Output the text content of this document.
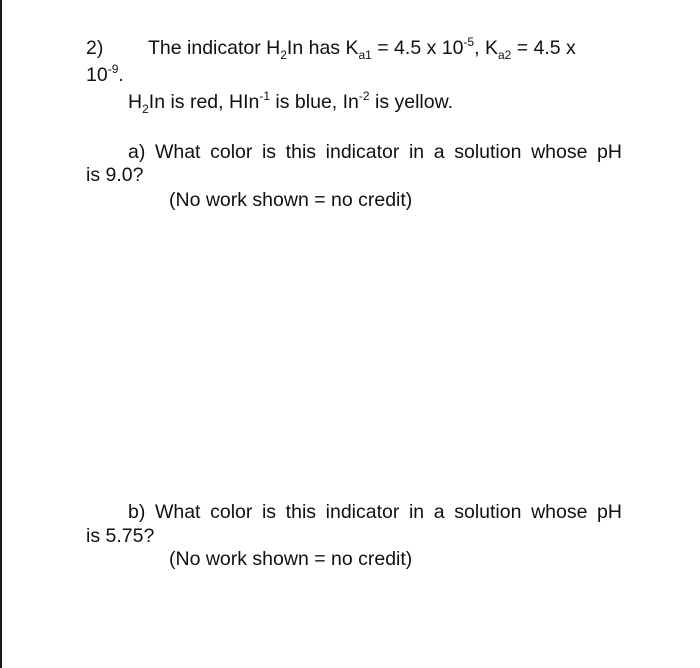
2) The indicator $H_2In$ has $K_{a1} = 4.5$ x $10^{-5}$, $K_{a2} = 4.5$ x
$10^{-9}$.
$H_2In$ is red, HIn$^{-1}$ is blue, $In^{-2}$ is yellow.
a) What color is this indicator in a solution whose pH
is 9.0?
(No work shown = no credit)
b) What color is this indicator in a solution whose pH
is 5.75?
(No work shown = no credit)
